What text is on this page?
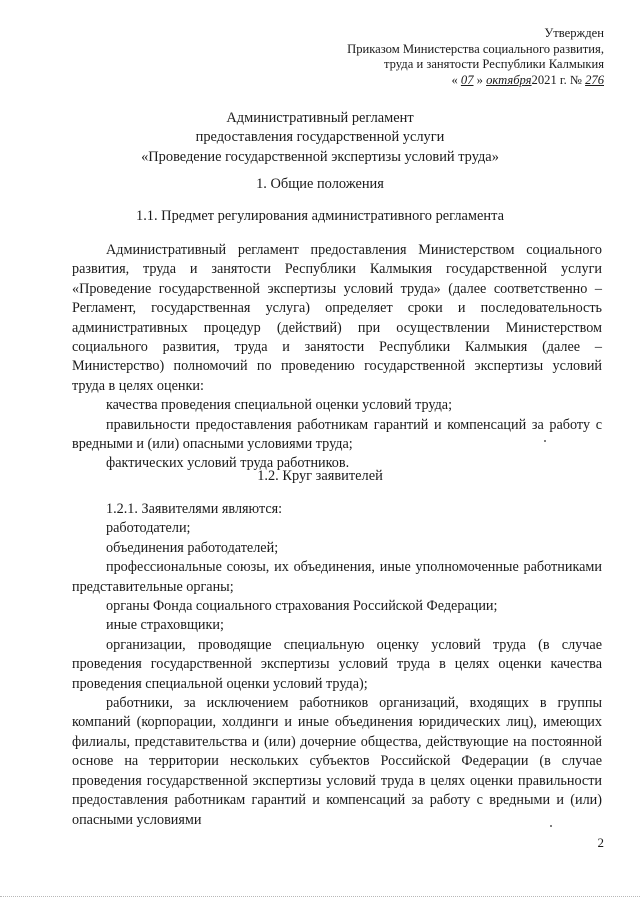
Утвержден
Приказом Министерства социального развития,
труда и занятости Республики Калмыкия
« 07 » октября2021 г. № 276
Административный регламент
предоставления государственной услуги
«Проведение государственной экспертизы условий труда»
1. Общие положения
1.1. Предмет регулирования административного регламента

Административный регламент предоставления Министерством социального развития, труда и занятости Республики Калмыкия государственной услуги «Проведение государственной экспертизы условий труда» (далее соответственно – Регламент, государственная услуга) определяет сроки и последовательность административных процедур (действий) при осуществлении Министерством социального развития, труда и занятости Республики Калмыкия (далее – Министерство) полномочий по проведению государственной экспертизы условий труда в целях оценки:

качества проведения специальной оценки условий труда;

правильности предоставления работникам гарантий и компенсаций за работу с вредными и (или) опасными условиями труда;

фактических условий труда работников.

1.2. Круг заявителей

1.2.1. Заявителями являются:

работодатели;

объединения работодателей;

профессиональные союзы, их объединения, иные уполномоченные работниками представительные органы;

органы Фонда социального страхования Российской Федерации;

иные страховщики;

организации, проводящие специальную оценку условий труда (в случае проведения государственной экспертизы условий труда в целях оценки качества проведения специальной оценки условий труда);

работники, за исключением работников организаций, входящих в группы компаний (корпорации, холдинги и иные объединения юридических лиц), имеющих филиалы, представительства и (или) дочерние общества, действующие на постоянной основе на территории нескольких субъектов Российской Федерации (в случае проведения государственной экспертизы условий труда в целях оценки правильности предоставления работникам гарантий и компенсаций за работу с вредными и (или) опасными условиями

2
